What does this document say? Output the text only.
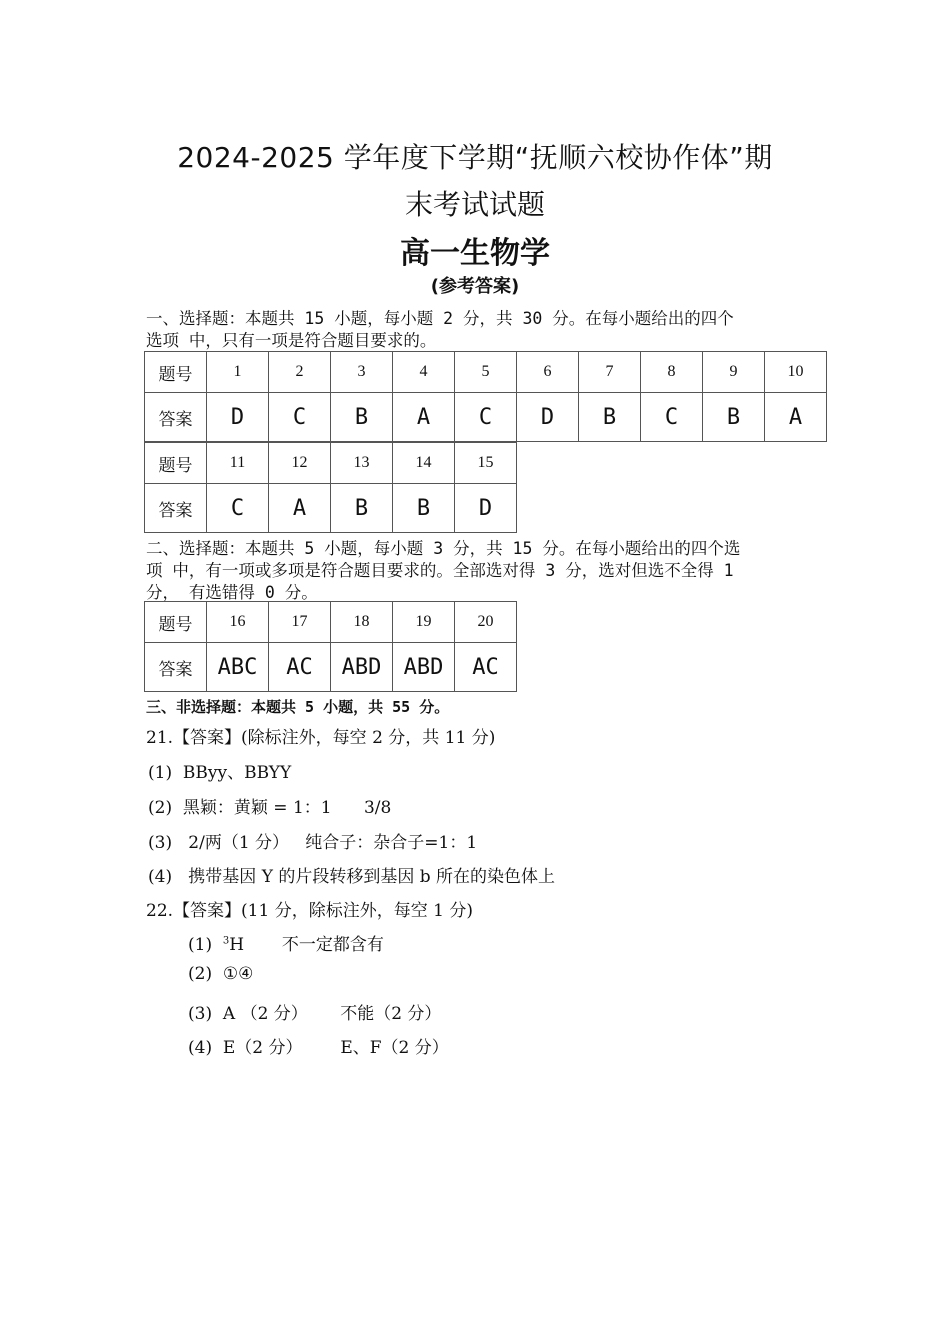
2024-2025 学年度下学期“抚顺六校协作体”期
末考试试题
高一生物学
(参考答案)
一、选择题：本题共 15 小题，每小题 2 分，共 30 分。在每小题给出的四个
选项 中，只有一项是符合题目要求的。
题号	1	2	3	4	5	6	7	8	9	10
答案	D	C	B	A	C	D	B	C	B	A
题号	11	12	13	14	15
答案	C	A	B	B	D
二、选择题：本题共 5 小题，每小题 3 分，共 15 分。在每小题给出的四个选
项 中，有一项或多项是符合题目要求的。全部选对得 3 分，选对但选不全得 1
分， 有选错得 0 分。
题号	16	17	18	19	20
答案	ABC	AC	ABD	ABD	AC
三、非选择题：本题共 5 小题，共 55 分。
21.【答案】(除标注外，每空 2 分，共 11 分)
(1)  BByy、BBYY
(2)  黑颖：黄颖 = 1：1      3/8
(3)   2/两（1 分）   纯合子：杂合子=1：1
(4)   携带基因 Y 的片段转移到基因 b 所在的染色体上
22.【答案】(11 分，除标注外，每空 1 分)
(1)  $^3$H       不一定都含有
(2)  ①④
(3)  A （2 分）      不能（2 分）
(4)  E（2 分）       E、F（2 分）
